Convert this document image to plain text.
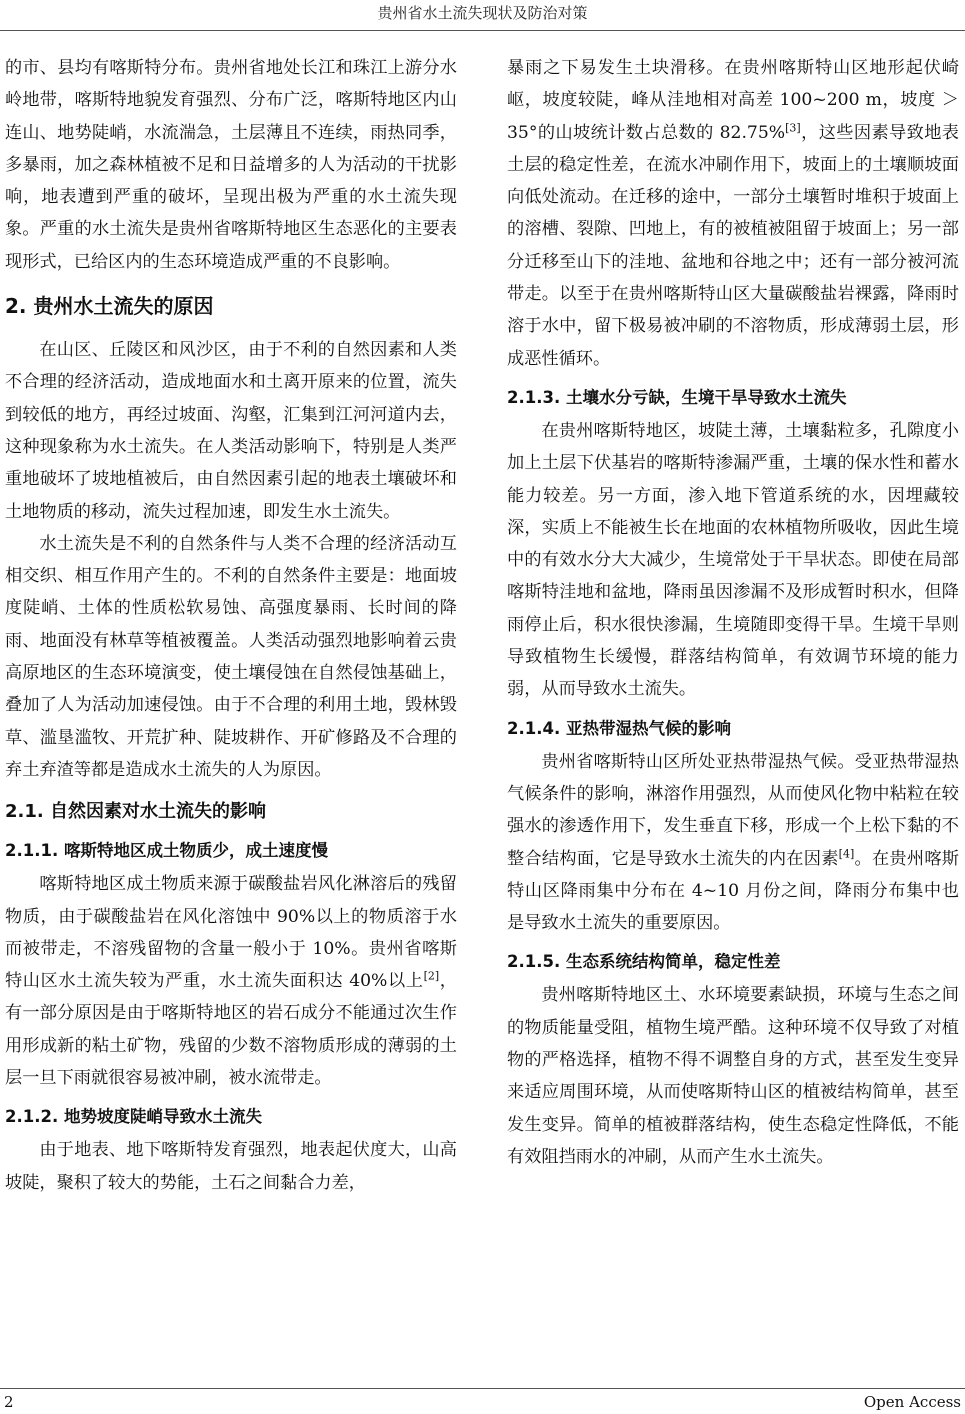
贵州省水土流失现状及防治对策

的市、县均有喀斯特分布。贵州省地处长江和珠江上游分水岭地带，喀斯特地貌发育强烈、分布广泛，喀斯特地区内山连山、地势陡峭，水流湍急，土层薄且不连续，雨热同季，多暴雨，加之森林植被不足和日益增多的人为活动的干扰影响，地表遭到严重的破坏，呈现出极为严重的水土流失现象。严重的水土流失是贵州省喀斯特地区生态恶化的主要表现形式，已给区内的生态环境造成严重的不良影响。

2. 贵州水土流失的原因

在山区、丘陵区和风沙区，由于不利的自然因素和人类不合理的经济活动，造成地面水和土离开原来的位置，流失到较低的地方，再经过坡面、沟壑，汇集到江河河道内去，这种现象称为水土流失。在人类活动影响下，特别是人类严重地破坏了坡地植被后，由自然因素引起的地表土壤破坏和土地物质的移动，流失过程加速，即发生水土流失。

水土流失是不利的自然条件与人类不合理的经济活动互相交织、相互作用产生的。不利的自然条件主要是：地面坡度陡峭、土体的性质松软易蚀、高强度暴雨、长时间的降雨、地面没有林草等植被覆盖。人类活动强烈地影响着云贵高原地区的生态环境演变，使土壤侵蚀在自然侵蚀基础上，叠加了人为活动加速侵蚀。由于不合理的利用土地，毁林毁草、滥垦滥牧、开荒扩种、陡坡耕作、开矿修路及不合理的弃土弃渣等都是造成水土流失的人为原因。

2.1. 自然因素对水土流失的影响
2.1.1. 喀斯特地区成土物质少，成土速度慢

喀斯特地区成土物质来源于碳酸盐岩风化淋溶后的残留物质，由于碳酸盐岩在风化溶蚀中 90%以上的物质溶于水而被带走，不溶残留物的含量一般小于 10%。贵州省喀斯特山区水土流失较为严重，水土流失面积达 40%以上[2]，有一部分原因是由于喀斯特地区的岩石成分不能通过次生作用形成新的粘土矿物，残留的少数不溶物质形成的薄弱的土层一旦下雨就很容易被冲刷，被水流带走。

2.1.2. 地势坡度陡峭导致水土流失

由于地表、地下喀斯特发育强烈，地表起伏度大，山高坡陡，聚积了较大的势能，土石之间黏合力差，

暴雨之下易发生土块滑移。在贵州喀斯特山区地形起伏崎岖，坡度较陡，峰从洼地相对高差 100~200 m，坡度 ＞ 35°的山坡统计数占总数的 82.75%[3]，这些因素导致地表土层的稳定性差，在流水冲刷作用下，坡面上的土壤顺坡面向低处流动。在迁移的途中，一部分土壤暂时堆积于坡面上的溶槽、裂隙、凹地上，有的被植被阻留于坡面上；另一部分迁移至山下的洼地、盆地和谷地之中；还有一部分被河流带走。以至于在贵州喀斯特山区大量碳酸盐岩裸露，降雨时溶于水中，留下极易被冲刷的不溶物质，形成薄弱土层，形成恶性循环。

2.1.3. 土壤水分亏缺，生境干旱导致水土流失

在贵州喀斯特地区，坡陡土薄，土壤黏粒多，孔隙度小加上土层下伏基岩的喀斯特渗漏严重，土壤的保水性和蓄水能力较差。另一方面，渗入地下管道系统的水，因埋藏较深，实质上不能被生长在地面的农林植物所吸收，因此生境中的有效水分大大减少，生境常处于干旱状态。即使在局部喀斯特洼地和盆地，降雨虽因渗漏不及形成暂时积水，但降雨停止后，积水很快渗漏，生境随即变得干旱。生境干旱则导致植物生长缓慢，群落结构简单，有效调节环境的能力弱，从而导致水土流失。

2.1.4. 亚热带湿热气候的影响

贵州省喀斯特山区所处亚热带湿热气候。受亚热带湿热气候条件的影响，淋溶作用强烈，从而使风化物中粘粒在较强水的渗透作用下，发生垂直下移，形成一个上松下黏的不整合结构面，它是导致水土流失的内在因素[4]。在贵州喀斯特山区降雨集中分布在 4~10 月份之间，降雨分布集中也是导致水土流失的重要原因。

2.1.5. 生态系统结构简单，稳定性差

贵州喀斯特地区土、水环境要素缺损，环境与生态之间的物质能量受阻，植物生境严酷。这种环境不仅导致了对植物的严格选择，植物不得不调整自身的方式，甚至发生变异来适应周围环境，从而使喀斯特山区的植被结构简单，甚至发生变异。简单的植被群落结构，使生态稳定性降低，不能有效阻挡雨水的冲刷，从而产生水土流失。

2	Open Access
